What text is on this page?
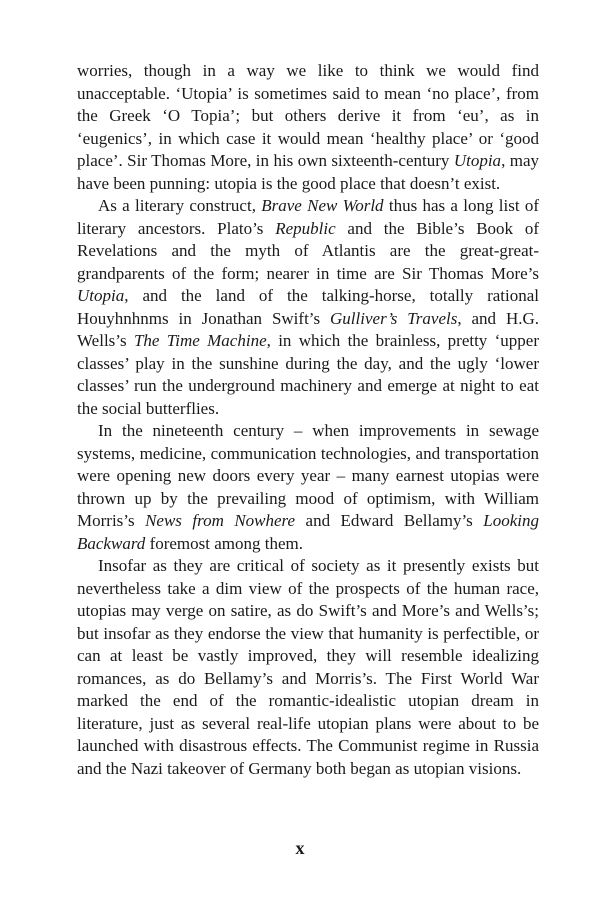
worries, though in a way we like to think we would find unacceptable. ‘Utopia’ is sometimes said to mean ‘no place’, from the Greek ‘O Topia’; but others derive it from ‘eu’, as in ‘eugenics’, in which case it would mean ‘healthy place’ or ‘good place’. Sir Thomas More, in his own sixteenth-century Utopia, may have been punning: utopia is the good place that doesn’t exist.

As a literary construct, Brave New World thus has a long list of literary ancestors. Plato’s Republic and the Bible’s Book of Revelations and the myth of Atlantis are the great-great-grandparents of the form; nearer in time are Sir Thomas More’s Utopia, and the land of the talking-horse, totally rational Houyhnhnms in Jonathan Swift’s Gulliver’s Travels, and H.G. Wells’s The Time Machine, in which the brainless, pretty ‘upper classes’ play in the sunshine during the day, and the ugly ‘lower classes’ run the underground machinery and emerge at night to eat the social butterflies.

In the nineteenth century – when improvements in sewage systems, medicine, communication technologies, and transportation were opening new doors every year – many earnest utopias were thrown up by the prevailing mood of optimism, with William Morris’s News from Nowhere and Edward Bellamy’s Looking Backward foremost among them.

Insofar as they are critical of society as it presently exists but nevertheless take a dim view of the prospects of the human race, utopias may verge on satire, as do Swift’s and More’s and Wells’s; but insofar as they endorse the view that humanity is perfectible, or can at least be vastly improved, they will resemble idealizing romances, as do Bellamy’s and Morris’s. The First World War marked the end of the romantic-idealistic utopian dream in literature, just as several real-life utopian plans were about to be launched with disastrous effects. The Communist regime in Russia and the Nazi takeover of Germany both began as utopian visions.

x
